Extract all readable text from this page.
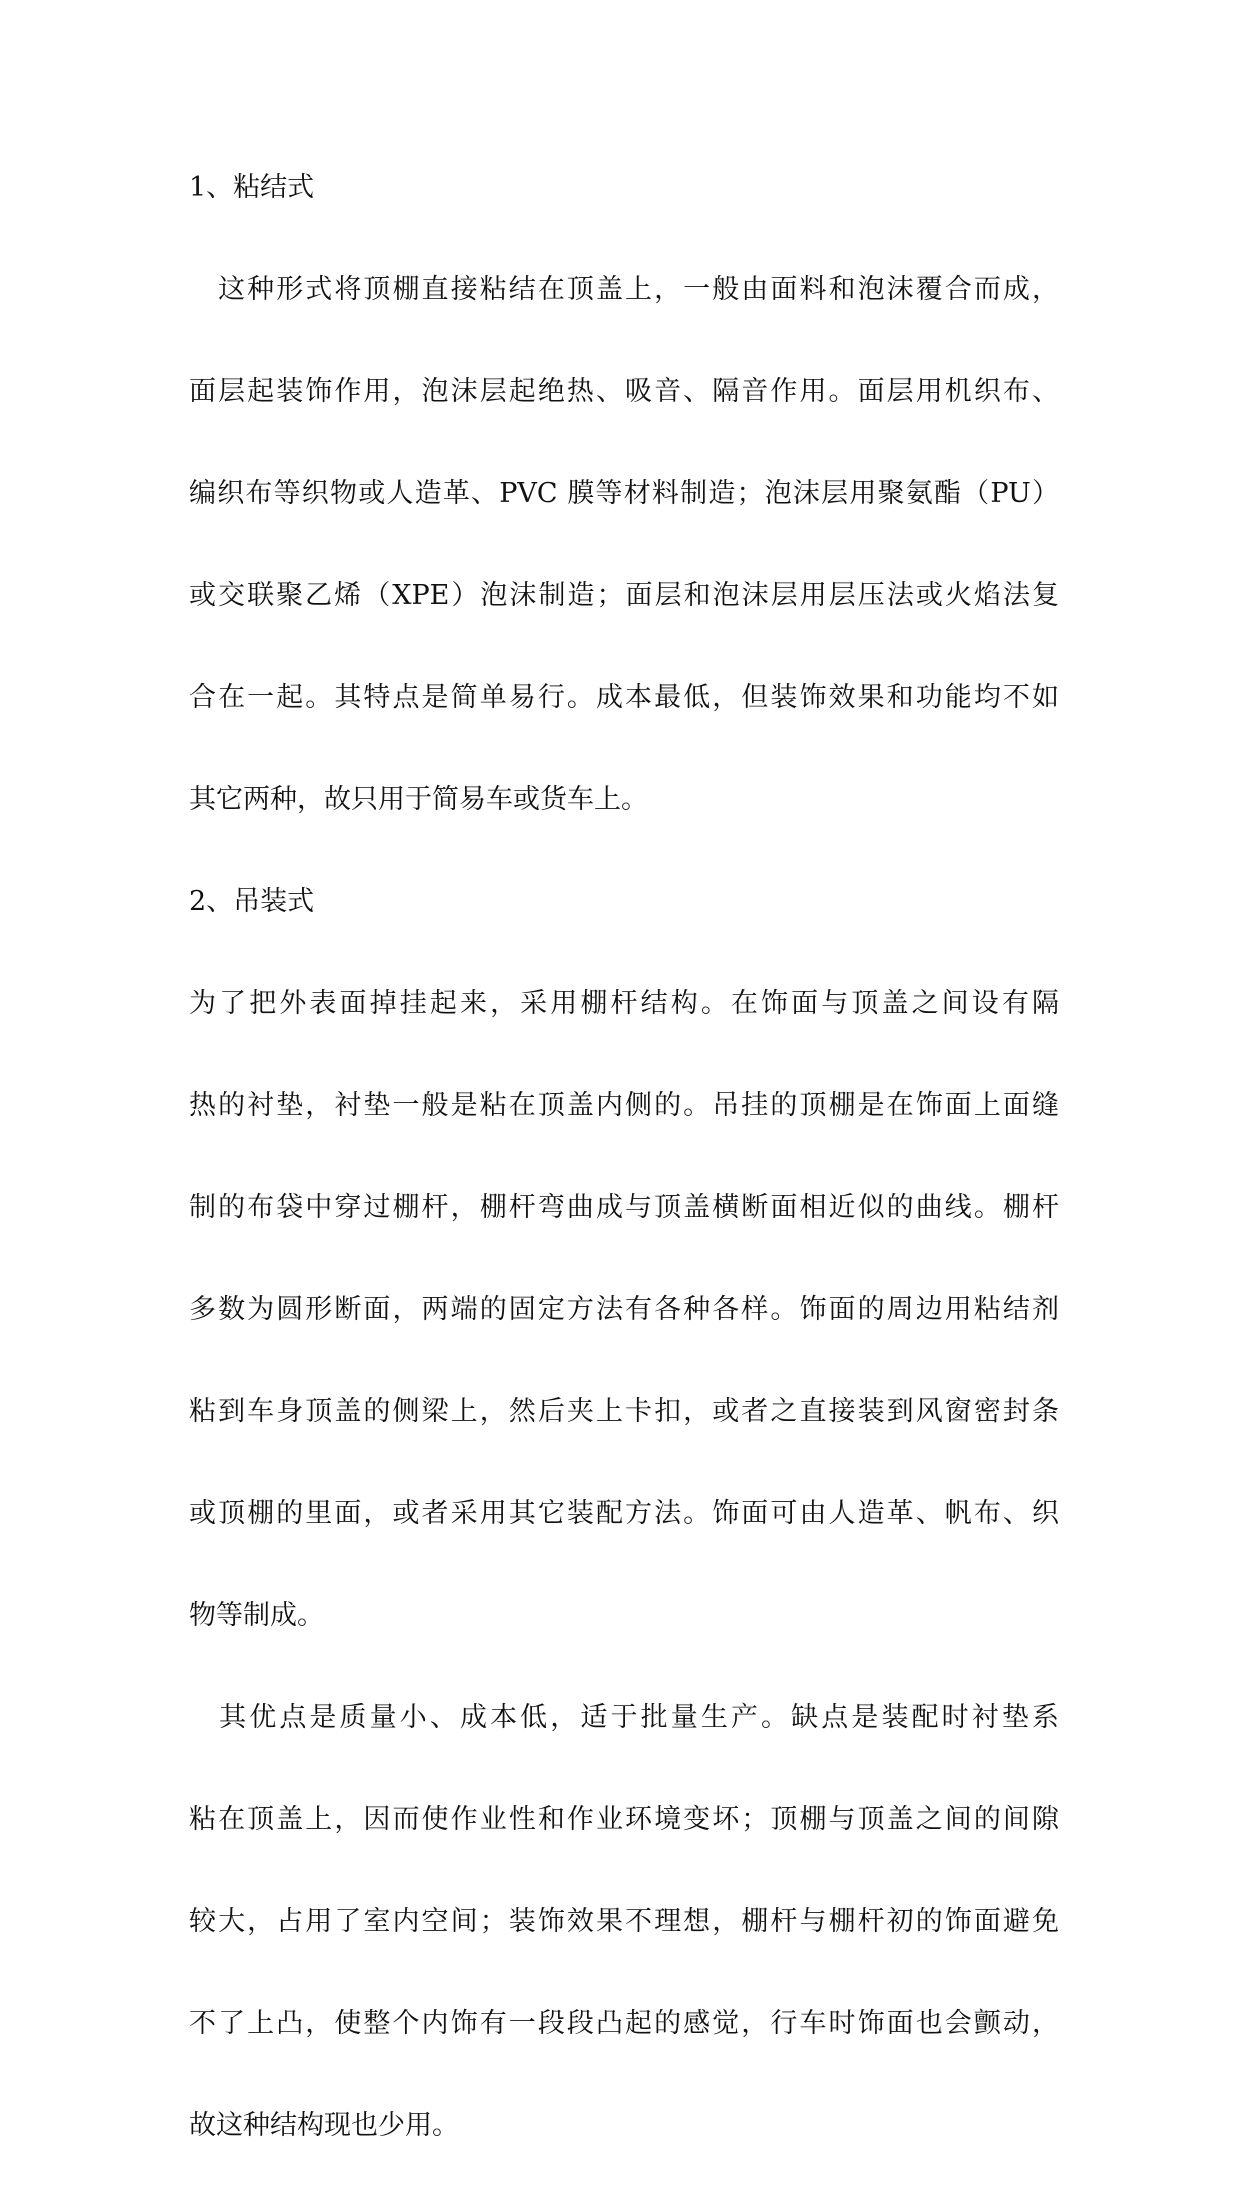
1、粘结式
　这种形式将顶棚直接粘结在顶盖上，一般由面料和泡沫覆合而成，
面层起装饰作用，泡沫层起绝热、吸音、隔音作用。面层用机织布、
编织布等织物或人造革、PVC 膜等材料制造；泡沫层用聚氨酯（PU）
或交联聚乙烯（XPE）泡沫制造；面层和泡沫层用层压法或火焰法复
合在一起。其特点是简单易行。成本最低，但装饰效果和功能均不如
其它两种，故只用于简易车或货车上。
2、吊装式
为了把外表面掉挂起来，采用棚杆结构。在饰面与顶盖之间设有隔
热的衬垫，衬垫一般是粘在顶盖内侧的。吊挂的顶棚是在饰面上面缝
制的布袋中穿过棚杆，棚杆弯曲成与顶盖横断面相近似的曲线。棚杆
多数为圆形断面，两端的固定方法有各种各样。饰面的周边用粘结剂
粘到车身顶盖的侧梁上，然后夹上卡扣，或者之直接装到风窗密封条
或顶棚的里面，或者采用其它装配方法。饰面可由人造革、帆布、织
物等制成。
　其优点是质量小、成本低，适于批量生产。缺点是装配时衬垫系
粘在顶盖上，因而使作业性和作业环境变坏；顶棚与顶盖之间的间隙
较大，占用了室内空间；装饰效果不理想，棚杆与棚杆初的饰面避免
不了上凸，使整个内饰有一段段凸起的感觉，行车时饰面也会颤动，
故这种结构现也少用。
